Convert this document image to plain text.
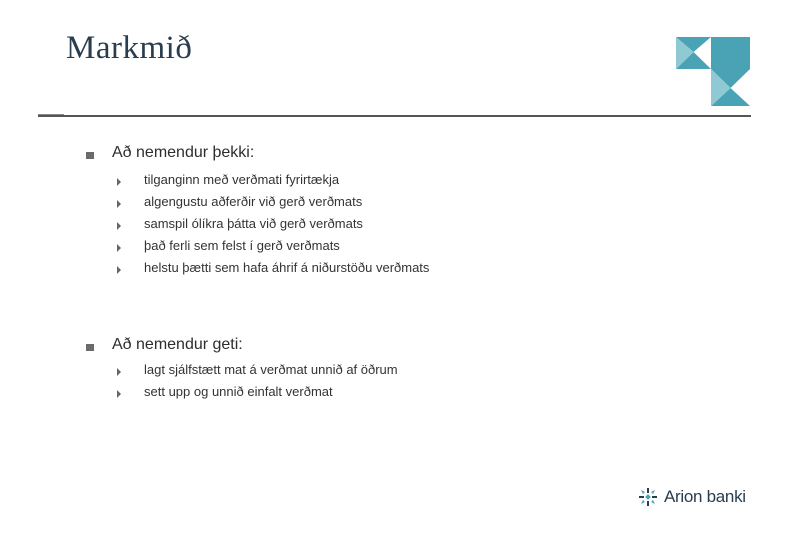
Markmið
Að nemendur þekki:
tilganginn með verðmati fyrirtækja
algengustu aðferðir við gerð verðmats
samspil ólíkra þátta við gerð verðmats
það ferli sem felst í gerð verðmats
helstu þætti sem hafa áhrif á niðurstöðu verðmats
Að nemendur geti:
lagt sjálfstætt mat á verðmat unnið af öðrum
sett upp og unnið einfalt verðmat
Arion banki
